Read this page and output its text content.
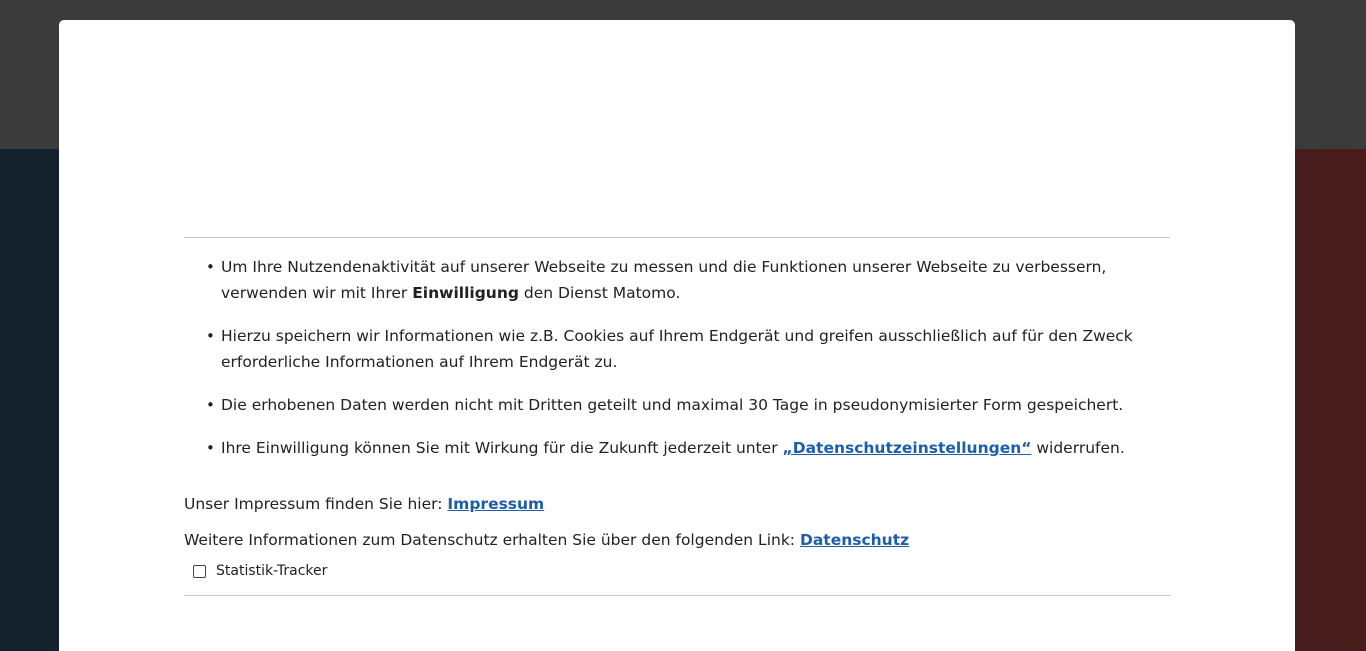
• Um Ihre Nutzendenaktivität auf unserer Webseite zu messen und die Funktionen unserer Webseite zu verbessern, verwenden wir mit Ihrer Einwilligung den Dienst Matomo.
• Hierzu speichern wir Informationen wie z.B. Cookies auf Ihrem Endgerät und greifen ausschließlich auf für den Zweck erforderliche Informationen auf Ihrem Endgerät zu.
• Die erhobenen Daten werden nicht mit Dritten geteilt und maximal 30 Tage in pseudonymisierter Form gespeichert.
• Ihre Einwilligung können Sie mit Wirkung für die Zukunft jederzeit unter „Datenschutzeinstellungen“ widerrufen.
Unser Impressum finden Sie hier: Impressum
Weitere Informationen zum Datenschutz erhalten Sie über den folgenden Link: Datenschutz
Statistik-Tracker
